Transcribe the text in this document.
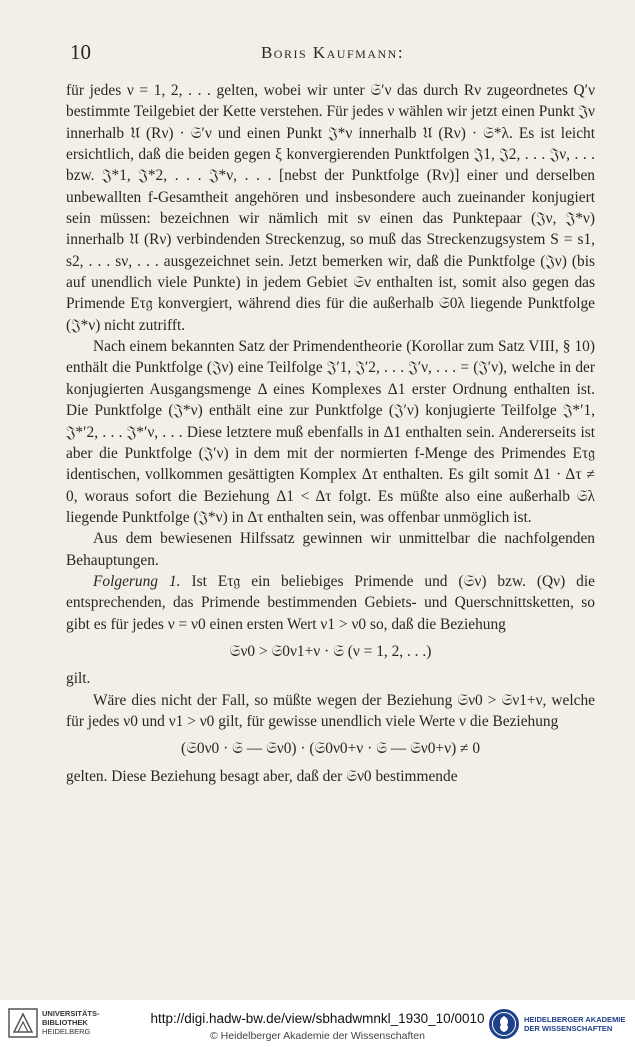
10	Boris Kaufmann:

für jedes ν = 1, 2, . . . gelten, wobei wir unter 𝔖′ν das durch Rν zugeordnetes Q′ν bestimmte Teilgebiet der Kette verstehen. Für jedes ν wählen wir jetzt einen Punkt 𝔍ν innerhalb 𝔘 (Rν) · 𝔖′ν und einen Punkt 𝔍*ν innerhalb 𝔘 (Rν) · 𝔖*λ. Es ist leicht ersichtlich, daß die beiden gegen ξ konvergierenden Punktfolgen 𝔍1, 𝔍2, . . . 𝔍ν, . . . bzw. 𝔍*1, 𝔍*2, . . . 𝔍*ν, . . . [nebst der Punktfolge (Rν)] einer und derselben unbewallten f-Gesamtheit angehören und insbesondere auch zueinander konjugiert sein müssen: bezeichnen wir nämlich mit sν einen das Punktepaar (𝔍ν, 𝔍*ν) innerhalb 𝔘 (Rν) verbindenden Streckenzug, so muß das Streckenzugsystem S = s1, s2, . . . sν, . . . ausgezeichnet sein. Jetzt bemerken wir, daß die Punktfolge (𝔍ν) (bis auf unendlich viele Punkte) in jedem Gebiet 𝔖ν enthalten ist, somit also gegen das Primende Eτ𝔤 konvergiert, während dies für die außerhalb 𝔖0λ liegende Punktfolge (𝔍*ν) nicht zutrifft.

Nach einem bekannten Satz der Primendentheorie (Korollar zum Satz VIII, § 10) enthält die Punktfolge (𝔍ν) eine Teilfolge 𝔍′1, 𝔍′2, . . . 𝔍′ν, . . . = (𝔍′ν), welche in der konjugierten Ausgangsmenge Δ eines Komplexes Δ1 erster Ordnung enthalten ist. Die Punktfolge (𝔍*ν) enthält eine zur Punktfolge (𝔍′ν) konjugierte Teilfolge 𝔍*′1, 𝔍*′2, . . . 𝔍*′ν, . . . Diese letztere muß ebenfalls in Δ1 enthalten sein. Andererseits ist aber die Punktfolge (𝔍′ν) in dem mit der normierten f-Menge des Primendes Eτ𝔤 identischen, vollkommen gesättigten Komplex Δτ enthalten. Es gilt somit Δ1 · Δτ ≠ 0, woraus sofort die Beziehung Δ1 < Δτ folgt. Es müßte also eine außerhalb 𝔖λ liegende Punktfolge (𝔍*ν) in Δτ enthalten sein, was offenbar unmöglich ist.

Aus dem bewiesenen Hilfssatz gewinnen wir unmittelbar die nachfolgenden Behauptungen.

Folgerung 1. Ist Eτ𝔤 ein beliebiges Primende und (𝔖ν) bzw. (Qν) die entsprechenden, das Primende bestimmenden Gebiets- und Querschnittsketten, so gibt es für jedes ν = ν0 einen ersten Wert ν1 > ν0 so, daß die Beziehung

𝔖ν0 > 𝔖0ν1+ν · 𝔖 (ν = 1, 2, . . .)

gilt.

Wäre dies nicht der Fall, so müßte wegen der Beziehung 𝔖ν0 > 𝔖ν1+ν, welche für jedes ν0 und ν1 > ν0 gilt, für gewisse unendlich viele Werte ν die Beziehung

(𝔖0ν0 · 𝔖 — 𝔖ν0) · (𝔖0ν0+ν · 𝔖 — 𝔖ν0+ν) ≠ 0

gelten. Diese Beziehung besagt aber, daß der 𝔖ν0 bestimmende

UNIVERSITÄTS-
BIBLIOTHEK
HEIDELBERG
http://digi.hadw-bw.de/view/sbhadwmnkl_1930_10/0010
© Heidelberger Akademie der Wissenschaften
HEIDELBERGER AKADEMIE
DER WISSENSCHAFTEN
